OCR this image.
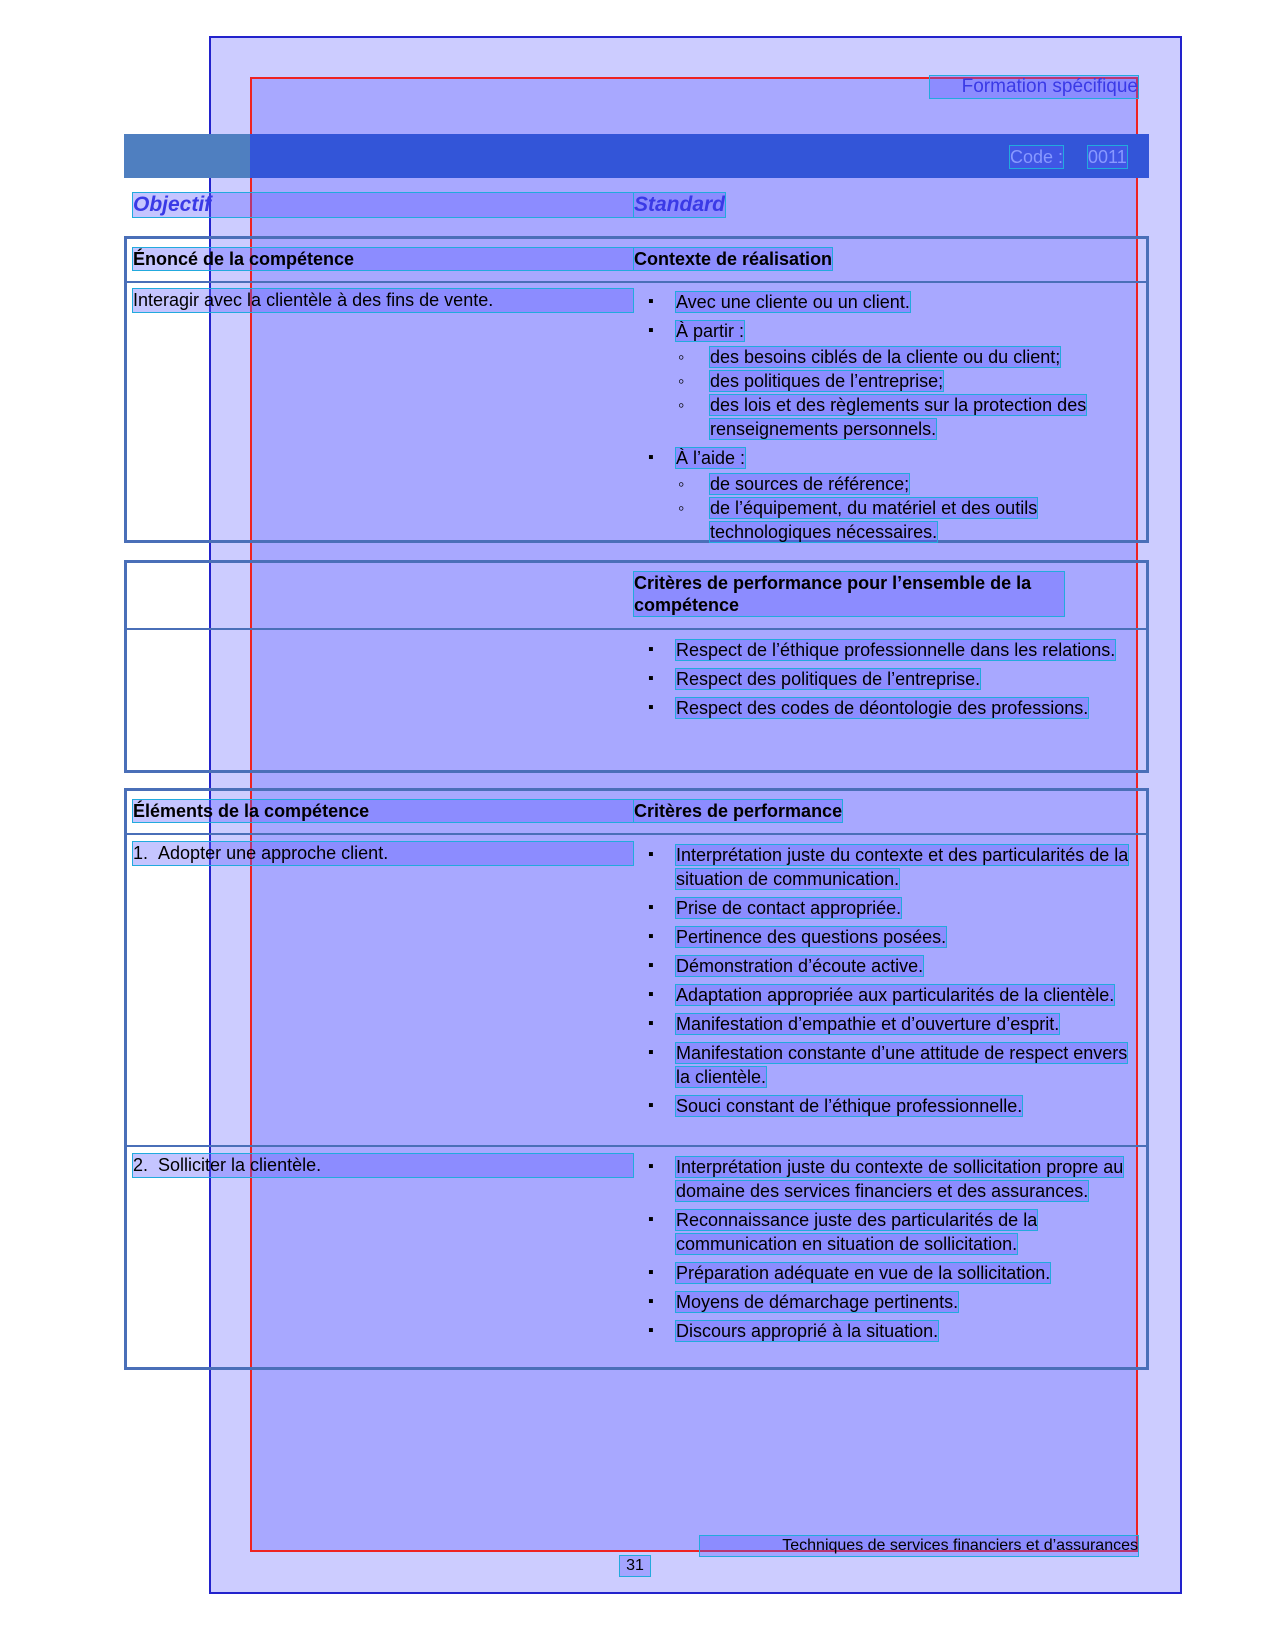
Formation spécifique
Code : 0011
Objectif	Standard
Énoncé de la compétence	Contexte de réalisation
Interagir avec la clientèle à des fins de vente.	▪ Avec une cliente ou un client.
▪ À partir :
◦ des besoins ciblés de la cliente ou du client;
◦ des politiques de l’entreprise;
◦ des lois et des règlements sur la protection des renseignements personnels.
▪ À l’aide :
◦ de sources de référence;
◦ de l’équipement, du matériel et des outils technologiques nécessaires.
Critères de performance pour l’ensemble de la compétence
▪ Respect de l’éthique professionnelle dans les relations.
▪ Respect des politiques de l’entreprise.
▪ Respect des codes de déontologie des professions.
Éléments de la compétence	Critères de performance
1. Adopter une approche client.	▪ Interprétation juste du contexte et des particularités de la situation de communication.
▪ Prise de contact appropriée.
▪ Pertinence des questions posées.
▪ Démonstration d’écoute active.
▪ Adaptation appropriée aux particularités de la clientèle.
▪ Manifestation d’empathie et d’ouverture d’esprit.
▪ Manifestation constante d’une attitude de respect envers la clientèle.
▪ Souci constant de l’éthique professionnelle.
2. Solliciter la clientèle.	▪ Interprétation juste du contexte de sollicitation propre au domaine des services financiers et des assurances.
▪ Reconnaissance juste des particularités de la communication en situation de sollicitation.
▪ Préparation adéquate en vue de la sollicitation.
▪ Moyens de démarchage pertinents.
▪ Discours approprié à la situation.
Techniques de services financiers et d’assurances
31
